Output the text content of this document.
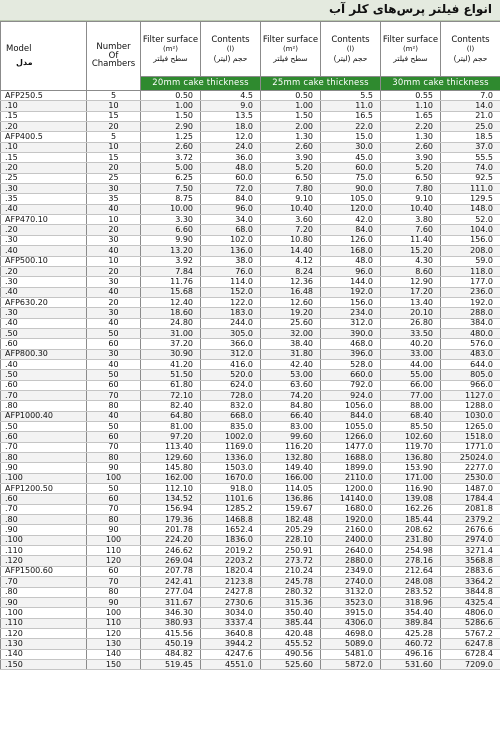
انواع فیلتر پرس‌های کلر آب
Model
مدل	Number
Of
Chambers	Filter surface
(m²)
سطح فیلتر	Contents
(l)
حجم (لیتر)	Filter surface
(m²)
سطح فیلتر	Contents
(l)
حجم (لیتر)	Filter surface
(m²)
سطح فیلتر	Contents
(l)
حجم (لیتر)

		20mm cake thickness		25mm cake thickness		30mm cake thickness	
AFP250.5	5	0.50	4.5	0.50	5.5	0.55	7.0
.10	10	1.00	9.0	1.00	11.0	1.10	14.0
.15	15	1.50	13.5	1.50	16.5	1.65	21.0
.20	20	2.90	18.0	2.00	22.0	2.20	25.0
AFP400.5	5	1.25	12.0	1.30	15.0	1.30	18.5
.10	10	2.60	24.0	2.60	30.0	2.60	37.0
.15	15	3.72	36.0	3.90	45.0	3.90	55.5
.20	20	5.00	48.0	5.20	60.0	5.20	74.0
.25	25	6.25	60.0	6.50	75.0	6.50	92.5
.30	30	7.50	72.0	7.80	90.0	7.80	111.0
.35	35	8.75	84.0	9.10	105.0	9.10	129.5
.40	40	10.00	96.0	10.40	120.0	10.40	148.0
AFP470.10	10	3.30	34.0	3.60	42.0	3.80	52.0
.20	20	6.60	68.0	7.20	84.0	7.60	104.0
.30	30	9.90	102.0	10.80	126.0	11.40	156.0
.40	40	13.20	136.0	14.40	168.0	15.20	208.0
AFP500.10	10	3.92	38.0	4.12	48.0	4.30	59.0
.20	20	7.84	76.0	8.24	96.0	8.60	118.0
.30	30	11.76	114.0	12.36	144.0	12.90	177.0
.40	40	15.68	152.0	16.48	192.0	17.20	236.0
AFP630.20	20	12.40	122.0	12.60	156.0	13.40	192.0
.30	30	18.60	183.0	19.20	234.0	20.10	288.0
.40	40	24.80	244.0	25.60	312.0	26.80	384.0
.50	50	31.00	305.0	32.00	390.0	33.50	480.0
.60	60	37.20	366.0	38.40	468.0	40.20	576.0
AFP800.30	30	30.90	312.0	31.80	396.0	33.00	483.0
.40	40	41.20	416.0	42.40	528.0	44.00	644.0
.50	50	51.50	520.0	53.00	660.0	55.00	805.0
.60	60	61.80	624.0	63.60	792.0	66.00	966.0
.70	70	72.10	728.0	74.20	924.0	77.00	1127.0
.80	80	82.40	832.0	84.80	1056.0	88.00	1288.0
AFP1000.40	40	64.80	668.0	66.40	844.0	68.40	1030.0
.50	50	81.00	835.0	83.00	1055.0	85.50	1265.0
.60	60	97.20	1002.0	99.60	1266.0	102.60	1518.0
.70	70	113.40	1169.0	116.20	1477.0	119.70	1771.0
.80	80	129.60	1336.0	132.80	1688.0	136.80	25024.0
.90	90	145.80	1503.0	149.40	1899.0	153.90	2277.0
.100	100	162.00	1670.0	166.00	2110.0	171.00	2530.0
AFP1200.50	50	112.10	918.0	114.05	1200.0	116.90	1487.0
.60	60	134.52	1101.6	136.86	14140.0	139.08	1784.4
.70	70	156.94	1285.2	159.67	1680.0	162.26	2081.8
.80	80	179.36	1468.8	182.48	1920.0	185.44	2379.2
.90	90	201.78	1652.4	205.29	2160.0	208.62	2676.6
.100	100	224.20	1836.0	228.10	2400.0	231.80	2974.0
.110	110	246.62	2019.2	250.91	2640.0	254.98	3271.4
.120	120	269.04	2203.2	273.72	2880.0	278.16	3568.8
AFP1500.60	60	207.78	1820.4	210.24	2349.0	212.64	2883.6
.70	70	242.41	2123.8	245.78	2740.0	248.08	3364.2
.80	80	277.04	2427.8	280.32	3132.0	283.52	3844.8
.90	90	311.67	2730.6	315.36	3523.0	318.96	4325.4
.100	100	346.30	3034.0	350.40	3915.0	354.40	4806.0
.110	110	380.93	3337.4	385.44	4306.0	389.84	5286.6
.120	120	415.56	3640.8	420.48	4698.0	425.28	5767.2
.130	130	450.19	3944.2	455.52	5089.0	460.72	6247.8
.140	140	484.82	4247.6	490.56	5481.0	496.16	6728.4
.150	150	519.45	4551.0	525.60	5872.0	531.60	7209.0
